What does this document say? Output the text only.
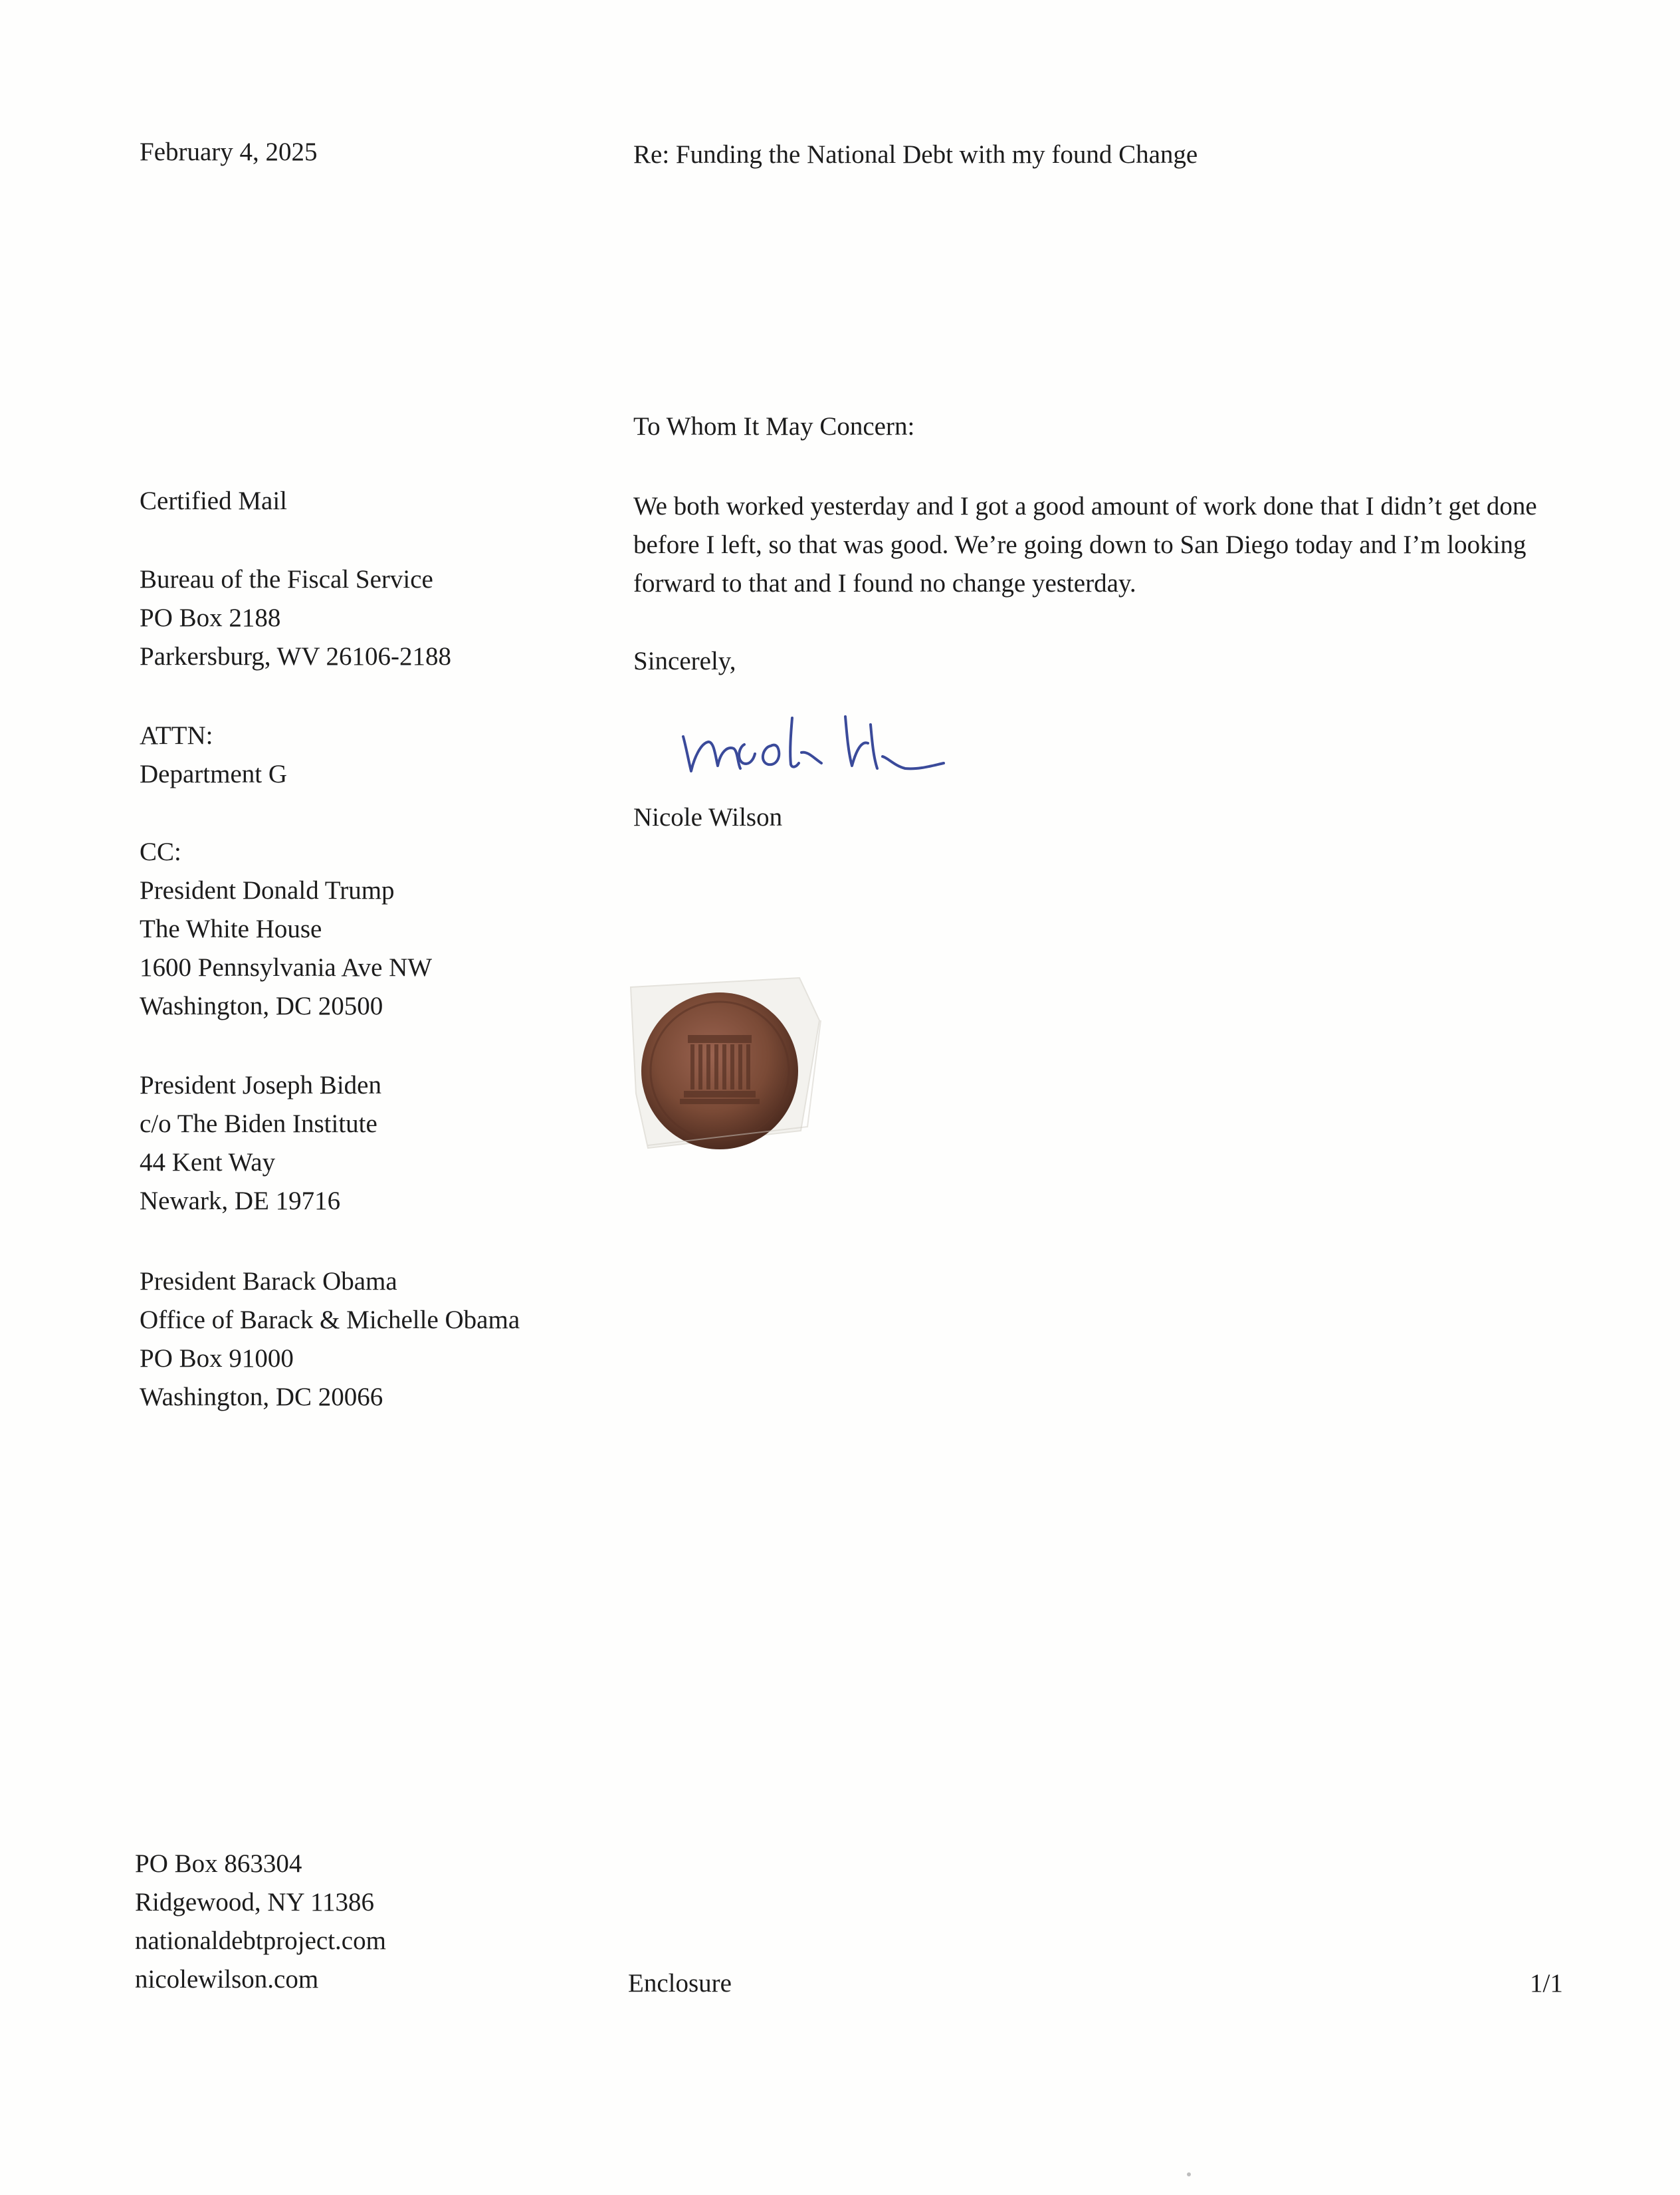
February 4, 2025	Re: Funding the National Debt with my found Change
To Whom It May Concern:
Certified Mail
Bureau of the Fiscal Service
PO Box 2188
Parkersburg, WV 26106-2188
ATTN:
Department G
CC:
President Donald Trump
The White House
1600 Pennsylvania Ave NW
Washington, DC 20500
President Joseph Biden
c/o The Biden Institute
44 Kent Way
Newark, DE 19716
President Barack Obama
Office of Barack & Michelle Obama
PO Box 91000
Washington, DC 20066
We both worked yesterday and I got a good amount of work done that I didn’t get done before I left, so that was good. We’re going down to San Diego today and I’m looking forward to that and I found no change yesterday.
Sincerely,
Nicole Wilson
PO Box 863304
Ridgewood, NY 11386
nationaldebtproject.com
nicolewilson.com	Enclosure	1/1
